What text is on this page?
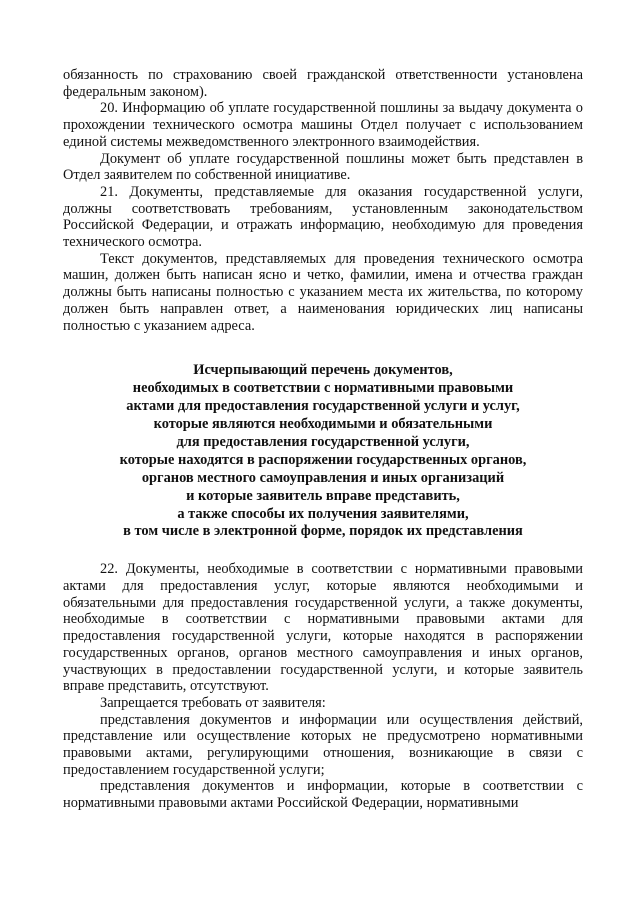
обязанность по страхованию своей гражданской ответственности установлена федеральным законом).

20. Информацию об уплате государственной пошлины за выдачу документа о прохождении технического осмотра машины Отдел получает с использованием единой системы межведомственного электронного взаимодействия.

Документ об уплате государственной пошлины может быть представлен в Отдел заявителем по собственной инициативе.

21. Документы, представляемые для оказания государственной услуги, должны соответствовать требованиям, установленным законодательством Российской Федерации, и отражать информацию, необходимую для проведения технического осмотра.

Текст документов, представляемых для проведения технического осмотра машин, должен быть написан ясно и четко, фамилии, имена и отчества граждан должны быть написаны полностью с указанием места их жительства, по которому должен быть направлен ответ, а наименования юридических лиц написаны полностью с указанием адреса.

Исчерпывающий перечень документов,
необходимых в соответствии с нормативными правовыми
актами для предоставления государственной услуги и услуг,
которые являются необходимыми и обязательными
для предоставления государственной услуги,
которые находятся в распоряжении государственных органов,
органов местного самоуправления и иных организаций
и которые заявитель вправе представить,
а также способы их получения заявителями,
в том числе в электронной форме, порядок их представления

22. Документы, необходимые в соответствии с нормативными правовыми актами для предоставления услуг, которые являются необходимыми и обязательными для предоставления государственной услуги, а также документы, необходимые в соответствии с нормативными правовыми актами для предоставления государственной услуги, которые находятся в распоряжении государственных органов, органов местного самоуправления и иных органов, участвующих в предоставлении государственной услуги, и которые заявитель вправе представить, отсутствуют.

Запрещается требовать от заявителя:

представления документов и информации или осуществления действий, представление или осуществление которых не предусмотрено нормативными правовыми актами, регулирующими отношения, возникающие в связи с предоставлением государственной услуги;

представления документов и информации, которые в соответствии с нормативными правовыми актами Российской Федерации, нормативными
